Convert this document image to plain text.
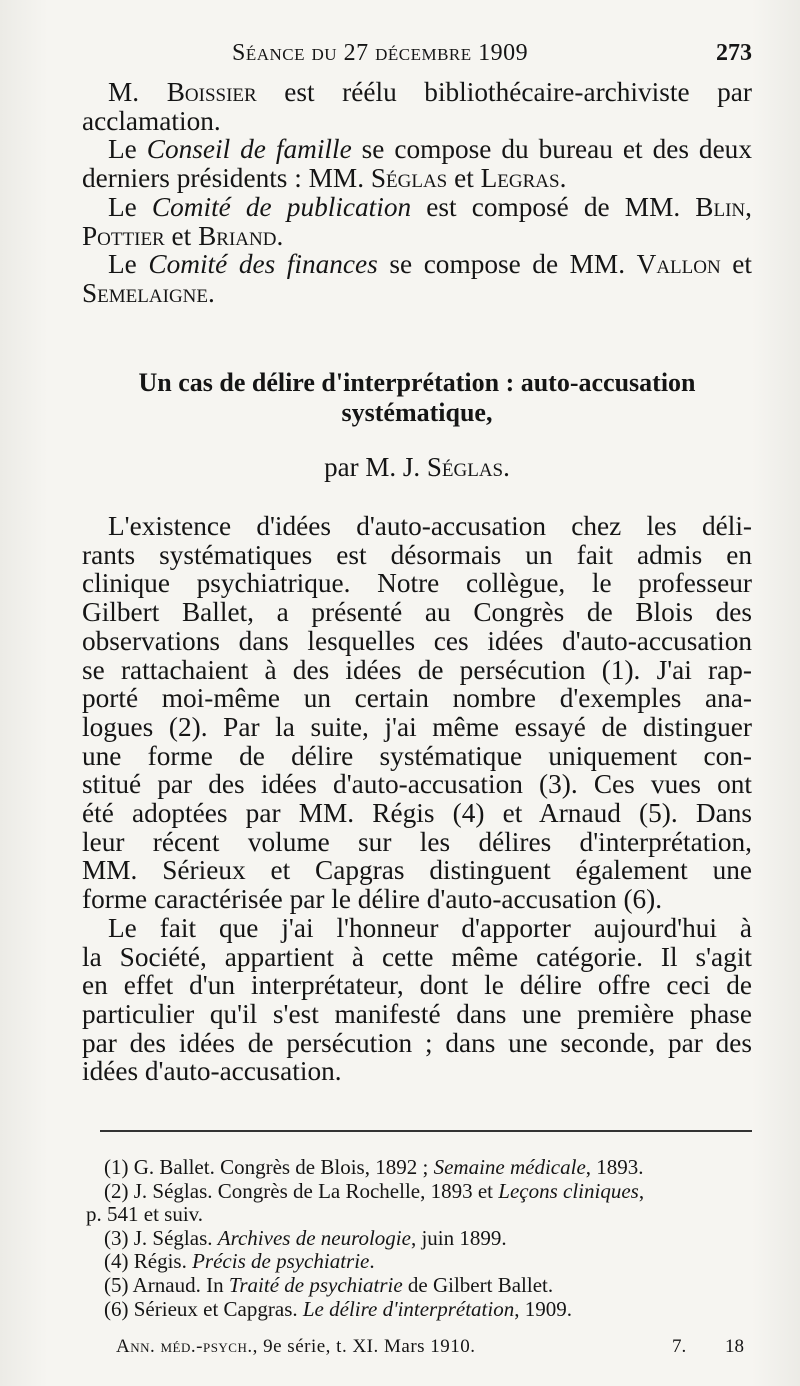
Séance du 27 décembre 1909	273

M. Boissier est réélu bibliothécaire-archiviste par acclamation.

Le Conseil de famille se compose du bureau et des deux derniers présidents : MM. Séglas et Legras.

Le Comité de publication est composé de MM. Blin, Pottier et Briand.

Le Comité des finances se compose de MM. Vallon et Semelaigne.

Un cas de délire d'interprétation : auto-accusation
systématique,
par M. J. Séglas.

L'existence d'idées d'auto-accusation chez les déli-

rants systématiques est désormais un fait admis en

clinique psychiatrique. Notre collègue, le professeur

Gilbert Ballet, a présenté au Congrès de Blois des

observations dans lesquelles ces idées d'auto-accusation

se rattachaient à des idées de persécution (1). J'ai rap-

porté moi-même un certain nombre d'exemples ana-

logues (2). Par la suite, j'ai même essayé de distinguer

une forme de délire systématique uniquement con-

stitué par des idées d'auto-accusation (3). Ces vues ont

été adoptées par MM. Régis (4) et Arnaud (5). Dans

leur récent volume sur les délires d'interprétation,

MM. Sérieux et Capgras distinguent également une

forme caractérisée par le délire d'auto-accusation (6).

Le fait que j'ai l'honneur d'apporter aujourd'hui à

la Société, appartient à cette même catégorie. Il s'agit

en effet d'un interprétateur, dont le délire offre ceci de

particulier qu'il s'est manifesté dans une première phase

par des idées de persécution ; dans une seconde, par des

idées d'auto-accusation.

(1) G. Ballet. Congrès de Blois, 1892 ; Semaine médicale, 1893.

(2) J. Séglas. Congrès de La Rochelle, 1893 et Leçons cliniques,

p. 541 et suiv.

(3) J. Séglas. Archives de neurologie, juin 1899.

(4) Régis. Précis de psychiatrie.

(5) Arnaud. In Traité de psychiatrie de Gilbert Ballet.

(6) Sérieux et Capgras. Le délire d'interprétation, 1909.

Ann. méd.-psych., 9e série, t. XI. Mars 1910.	7. 18
